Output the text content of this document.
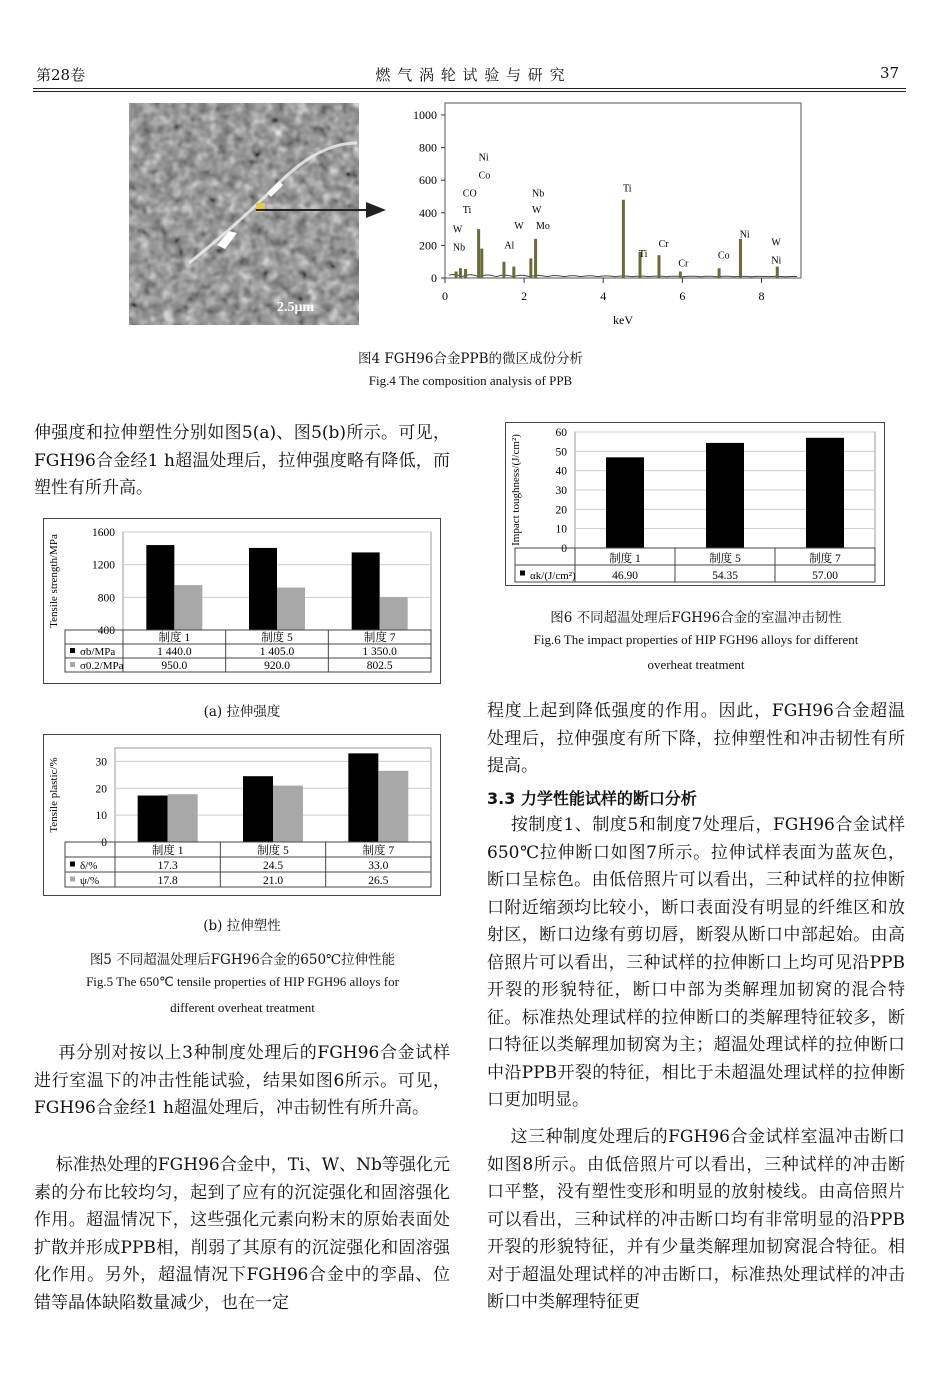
第28卷	燃 气 涡 轮 试 验 与 研 究	37
2.5μm
0
200
400
600
800
1000
0	2	4	6	8
keV
Ni
Co
CO
Ti
W
Nb	Al
W
Nb
W
Mo
Ti
Ti
Cr
Cr
Co
Ni
W
Ni
图4 FGH96合金PPB的微区成份分析
Fig.4 The composition analysis of PPB
伸强度和拉伸塑性分别如图5(a)、图5(b)所示。可见，FGH96合金经1 h超温处理后，拉伸强度略有降低，而塑性有所升高。
400
800
1200
1600
Tensile strength/MPa
制度 1	制度 5	制度 7
σb/MPa	1 440.0	1 405.0	1 350.0
σ0.2/MPa	950.0	920.0	802.5
(a) 拉伸强度
0
10
20
30
Tensile plastic/%
制度 1	制度 5	制度 7
δ/%	17.3	24.5	33.0
ψ/%	17.8	21.0	26.5
(b) 拉伸塑性
图5 不同超温处理后FGH96合金的650℃拉伸性能
Fig.5 The 650℃ tensile properties of HIP FGH96 alloys for
different overheat treatment
再分别对按以上3种制度处理后的FGH96合金试样进行室温下的冲击性能试验，结果如图6所示。可见，FGH96合金经1 h超温处理后，冲击韧性有所升高。
标准热处理的FGH96合金中，Ti、W、Nb等强化元素的分布比较均匀，起到了应有的沉淀强化和固溶强化作用。超温情况下，这些强化元素向粉末的原始表面处扩散并形成PPB相，削弱了其原有的沉淀强化和固溶强化作用。另外，超温情况下FGH96合金中的孪晶、位错等晶体缺陷数量减少，也在一定
0
10
20
30
40
50
60
Impact toughness/(J/cm²)
制度 1	制度 5	制度 7
αk/(J/cm²)	46.90	54.35	57.00
图6 不同超温处理后FGH96合金的室温冲击韧性
Fig.6 The impact properties of HIP FGH96 alloys for different
overheat treatment
程度上起到降低强度的作用。因此，FGH96合金超温处理后，拉伸强度有所下降，拉伸塑性和冲击韧性有所提高。
3.3 力学性能试样的断口分析
按制度1、制度5和制度7处理后，FGH96合金试样650℃拉伸断口如图7所示。拉伸试样表面为蓝灰色，断口呈棕色。由低倍照片可以看出，三种试样的拉伸断口附近缩颈均比较小，断口表面没有明显的纤维区和放射区，断口边缘有剪切唇，断裂从断口中部起始。由高倍照片可以看出，三种试样的拉伸断口上均可见沿PPB开裂的形貌特征，断口中部为类解理加韧窝的混合特征。标准热处理试样的拉伸断口的类解理特征较多，断口特征以类解理加韧窝为主；超温处理试样的拉伸断口中沿PPB开裂的特征，相比于未超温处理试样的拉伸断口更加明显。
这三种制度处理后的FGH96合金试样室温冲击断口如图8所示。由低倍照片可以看出，三种试样的冲击断口平整，没有塑性变形和明显的放射棱线。由高倍照片可以看出，三种试样的冲击断口均有非常明显的沿PPB开裂的形貌特征，并有少量类解理加韧窝混合特征。相对于超温处理试样的冲击断口，标准热处理试样的冲击断口中类解理特征更
